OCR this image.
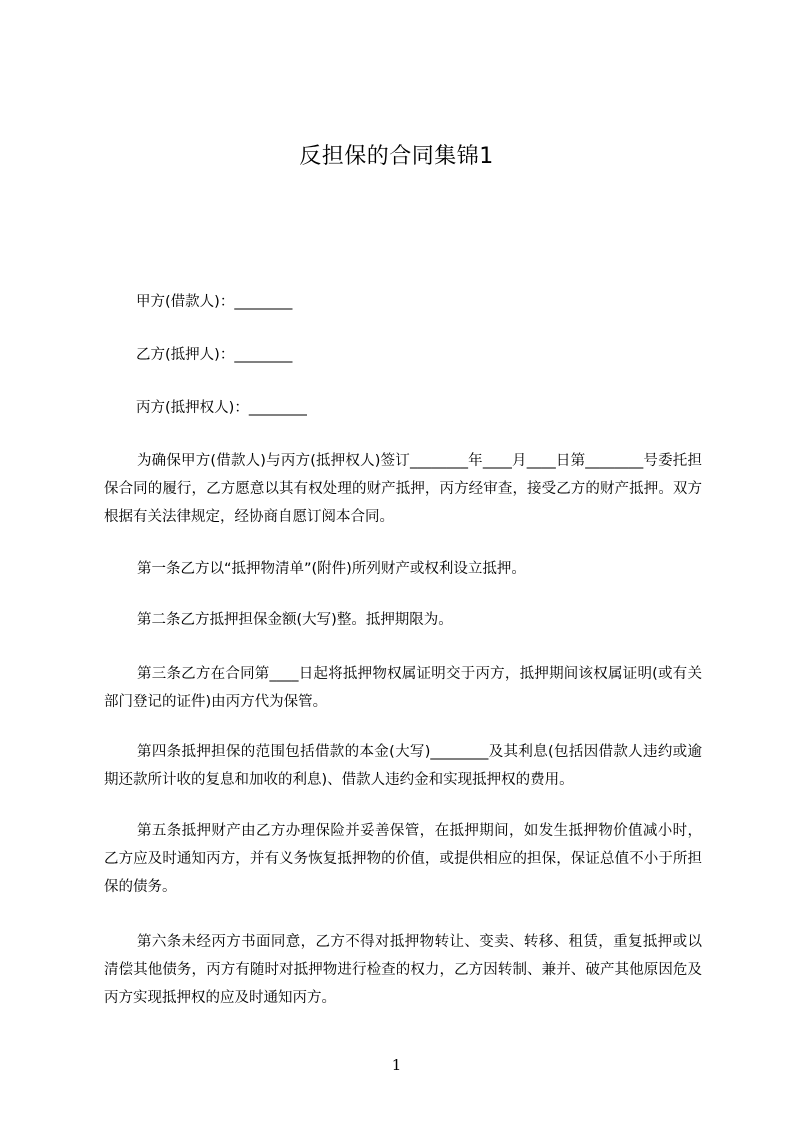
反担保的合同集锦1
甲方(借款人)：________
乙方(抵押人)：________
丙方(抵押权人)：________
为确保甲方(借款人)与丙方(抵押权人)签订________年____月____日第________号委托担保合同的履行，乙方愿意以其有权处理的财产抵押，丙方经审查，接受乙方的财产抵押。双方根据有关法律规定，经协商自愿订阅本合同。
第一条乙方以“抵押物清单”(附件)所列财产或权利设立抵押。
第二条乙方抵押担保金额(大写)整。抵押期限为。
第三条乙方在合同第____日起将抵押物权属证明交于丙方，抵押期间该权属证明(或有关部门登记的证件)由丙方代为保管。
第四条抵押担保的范围包括借款的本金(大写)________及其利息(包括因借款人违约或逾期还款所计收的复息和加收的利息)、借款人违约金和实现抵押权的费用。
第五条抵押财产由乙方办理保险并妥善保管，在抵押期间，如发生抵押物价值减小时，乙方应及时通知丙方，并有义务恢复抵押物的价值，或提供相应的担保，保证总值不小于所担保的债务。
第六条未经丙方书面同意，乙方不得对抵押物转让、变卖、转移、租赁，重复抵押或以清偿其他债务，丙方有随时对抵押物进行检查的权力，乙方因转制、兼并、破产其他原因危及丙方实现抵押权的应及时通知丙方。
1
